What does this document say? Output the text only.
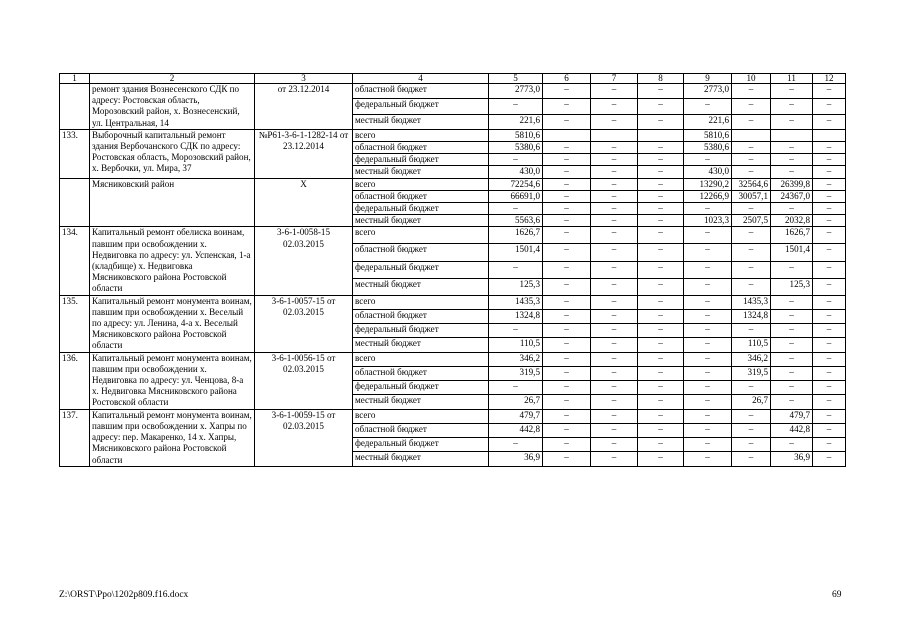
1	2	3	4	5	6	7	8	9	10	11	12
	ремонт здания Вознесенского СДК по адресу: Ростовская область, Морозовский район, х. Вознесенский, ул. Центральная, 14	от 23.12.2014	областной бюджет	2773,0	–	–	–	2773,0	–	–	–
			федеральный бюджет	–	–	–	–	–	–	–	–
			местный бюджет	221,6	–	–	–	221,6	–	–	–
133.	Выборочный капитальный ремонт здания Вербочанского СДК по адресу: Ростовская область, Морозовский район, х. Вербочки, ул. Мира, 37	№Р61-3-6-1-1282-14 от 23.12.2014	всего	5810,6				5810,6			
			областной бюджет	5380,6	–	–	–	5380,6	–	–	–
			федеральный бюджет	–	–	–	–	–	–	–	–
			местный бюджет	430,0	–	–	–	430,0	–	–	–
	Мясниковский район	Х	всего	72254,6	–	–	–	13290,2	32564,6	26399,8	–
			областной бюджет	66691,0	–	–	–	12266,9	30057,1	24367,0	–
			федеральный бюджет	–	–	–	–	–	–	–	–
			местный бюджет	5563,6	–	–	–	1023,3	2507,5	2032,8	–
134.	Капитальный ремонт обелиска воинам, павшим при освобождении х. Недвиговка по адресу: ул. Успенская, 1-а (кладбище) х. Недвиговка Мясниковского района Ростовской области	3-6-1-0058-15 02.03.2015	всего	1626,7	–	–	–	–	–	1626,7	–
			областной бюджет	1501,4	–	–	–	–	–	1501,4	–
			федеральный бюджет	–	–	–	–	–	–	–	–
			местный бюджет	125,3	–	–	–	–	–	125,3	–
135.	Капитальный ремонт монумента воинам, павшим при освобождении х. Веселый по адресу: ул. Ленина, 4-а х. Веселый Мясниковского района Ростовской области	3-6-1-0057-15 от 02.03.2015	всего	1435,3	–	–	–	–	1435,3	–	–
			областной бюджет	1324,8	–	–	–	–	1324,8	–	–
			федеральный бюджет	–	–	–	–	–	–	–	–
			местный бюджет	110,5	–	–	–	–	110,5	–	–
136.	Капитальный ремонт монумента воинам, павшим при освобождении х. Недвиговка по адресу: ул. Ченцова, 8-а х. Недвиговка Мясниковского района Ростовской области	3-6-1-0056-15 от 02.03.2015	всего	346,2	–	–	–	–	346,2	–	–
			областной бюджет	319,5	–	–	–	–	319,5	–	–
			федеральный бюджет	–	–	–	–	–	–	–	–
			местный бюджет	26,7	–	–	–	–	26,7	–	–
137.	Капитальный ремонт монумента воинам, павшим при освобождении х. Хапры по адресу: пер. Макаренко, 14 х. Хапры, Мясниковского района Ростовской области	3-6-1-0059-15 от 02.03.2015	всего	479,7	–	–	–	–	–	479,7	–
			областной бюджет	442,8	–	–	–	–	–	442,8	–
			федеральный бюджет	–	–	–	–	–	–	–	–
			местный бюджет	36,9	–	–	–	–	–	36,9	–
Z:\ORST\Ppo\1202p809.f16.docx	69
